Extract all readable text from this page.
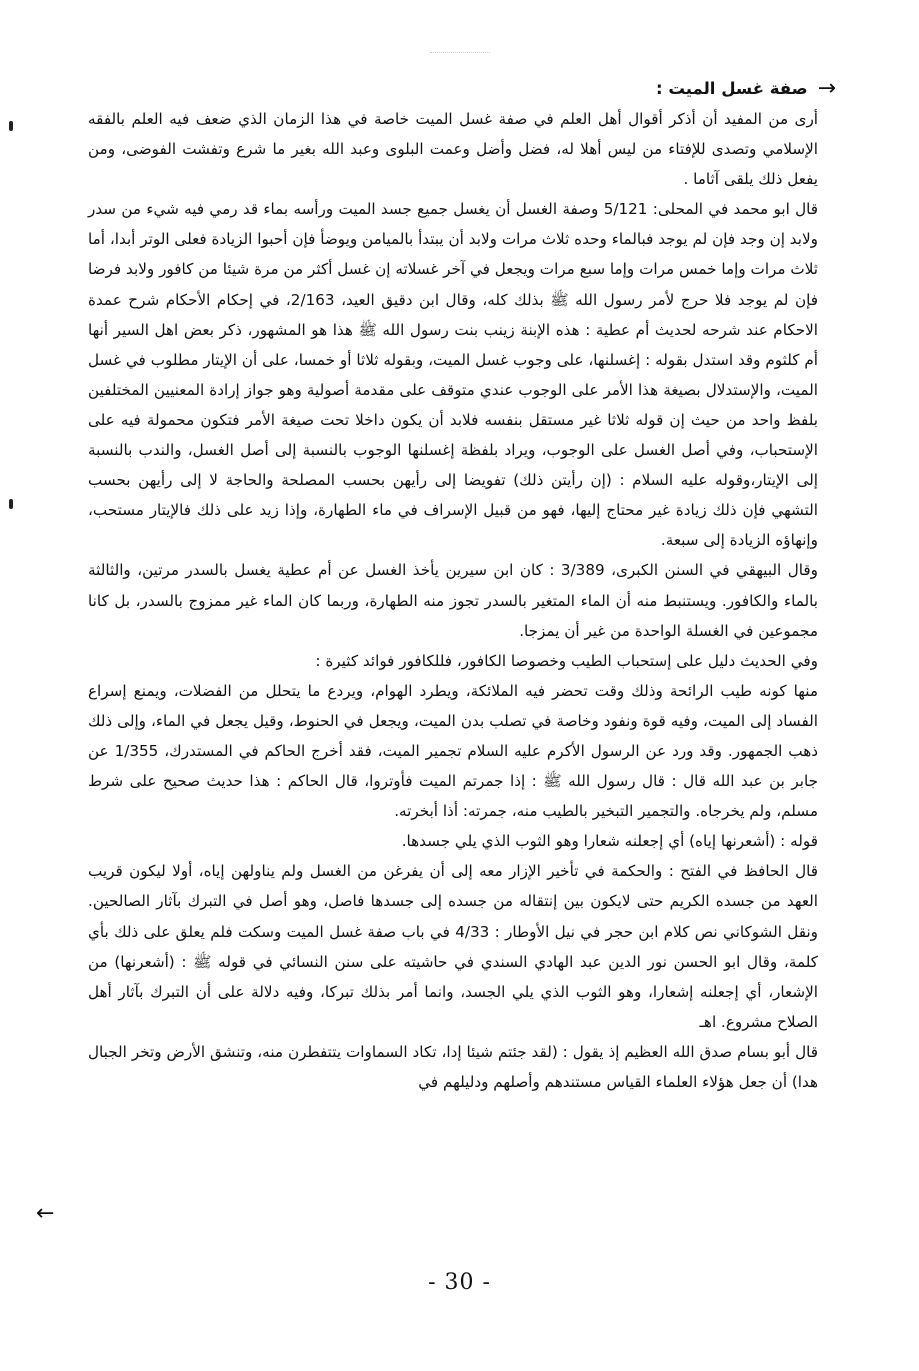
→
صفة غسل الميت :

أرى من المفيد أن أذكر أقوال أهل العلم في صفة غسل الميت خاصة في هذا الزمان الذي ضعف فيه العلم بالفقه الإسلامي وتصدى للإفتاء من ليس أهلا له، فضل وأضل وعمت البلوى وعبد الله بغير ما شرع وتفشت الفوضى، ومن يفعل ذلك يلقى آثاما .

قال ابو محمد في المحلى: 5/121 وصفة الغسل أن يغسل جميع جسد الميت ورأسه بماء قد رمي فيه شيء من سدر ولابد إن وجد فإن لم يوجد فبالماء وحده ثلاث مرات ولابد أن يبتدأ بالميامن ويوضأ فإن أحبوا الزيادة فعلى الوتر أبدا، أما ثلاث مرات وإما خمس مرات وإما سبع مرات ويجعل في آخر غسلاته إن غسل أكثر من مرة شيئا من كافور ولابد فرضا فإن لم يوجد فلا حرج لأمر رسول الله ﷺ بذلك كله، وقال ابن دقيق العيد، 2/163، في إحكام الأحكام شرح عمدة الاحكام عند شرحه لحديث أم عطية : هذه الإبنة زينب بنت رسول الله ﷺ هذا هو المشهور، ذكر بعض اهل السير أنها أم كلثوم وقد استدل بقوله : إغسلنها، على وجوب غسل الميت، وبقوله ثلاثا أو خمسا، على أن الإيتار مطلوب في غسل الميت، والإستدلال بصيغة هذا الأمر على الوجوب عندي متوقف على مقدمة أصولية وهو جواز إرادة المعنيين المختلفين بلفظ واحد من حيث إن قوله ثلاثا غير مستقل بنفسه فلابد أن يكون داخلا تحت صيغة الأمر فتكون محمولة فيه على الإستحباب، وفي أصل الغسل على الوجوب، ويراد بلفظة إغسلنها الوجوب بالنسبة إلى أصل الغسل، والندب بالنسبة إلى الإيتار،وقوله عليه السلام : (إن رأيتن ذلك) تفويضا إلى رأيهن بحسب المصلحة والحاجة لا إلى رأيهن بحسب التشهي فإن ذلك زيادة غير محتاج إليها، فهو من قبيل الإسراف في ماء الطهارة، وإذا زيد على ذلك فالإيتار مستحب، وإنهاؤه الزيادة إلى سبعة.

وقال البيهقي في السنن الكبرى، 3/389 : كان ابن سيرين يأخذ الغسل عن أم عطية يغسل بالسدر مرتين، والثالثة بالماء والكافور. ويستنبط منه أن الماء المتغير بالسدر تجوز منه الطهارة، وربما كان الماء غير ممزوج بالسدر، بل كانا مجموعين في الغسلة الواحدة من غير أن يمزجا.

وفي الحديث دليل على إستحباب الطيب وخصوصا الكافور، فللكافور فوائد كثيرة :

منها كونه طيب الرائحة وذلك وقت تحضر فيه الملائكة، ويطرد الهوام، ويردع ما يتحلل من الفضلات، ويمنع إسراع الفساد إلى الميت، وفيه قوة ونفود وخاصة في تصلب بدن الميت، ويجعل في الحنوط، وقيل يجعل في الماء، وإلى ذلك ذهب الجمهور. وقد ورد عن الرسول الأكرم عليه السلام تجمير الميت، فقد أخرج الحاكم في المستدرك، 1/355 عن جابر بن عبد الله قال : قال رسول الله ﷺ : إذا جمرتم الميت فأوتروا، قال الحاكم : هذا حديث صحيح على شرط مسلم، ولم يخرجاه. والتجمير التبخير بالطيب منه، جمرته: أذا أبخرته.

قوله : (أشعرنها إياه) أي إجعلنه شعارا وهو الثوب الذي يلي جسدها.

قال الحافظ في الفتح : والحكمة في تأخير الإزار معه إلى أن يفرغن من الغسل ولم يناولهن إياه، أولا ليكون قريب العهد من جسده الكريم حتى لايكون بين إنتقاله من جسده إلى جسدها فاصل، وهو أصل في التبرك بآثار الصالحين. ونقل الشوكاني نص كلام ابن حجر في نيل الأوطار : 4/33 في باب صفة غسل الميت وسكت فلم يعلق على ذلك بأي كلمة، وقال ابو الحسن نور الدين عبد الهادي السندي في حاشيته على سنن النسائي في قوله ﷺ : (أشعرنها) من الإشعار، أي إجعلنه إشعارا، وهو الثوب الذي يلي الجسد، وانما أمر بذلك تبركا، وفيه دلالة على أن التبرك بآثار أهل الصلاح مشروع. اهـ

قال أبو بسام صدق الله العظيم إذ يقول : (لقد جئتم شيئا إدا، تكاد السماوات يتتفطرن منه، وتنشق الأرض وتخر الجبال هدا) أن جعل هؤلاء العلماء القياس مستندهم وأصلهم ودليلهم في

←
- 30 -
